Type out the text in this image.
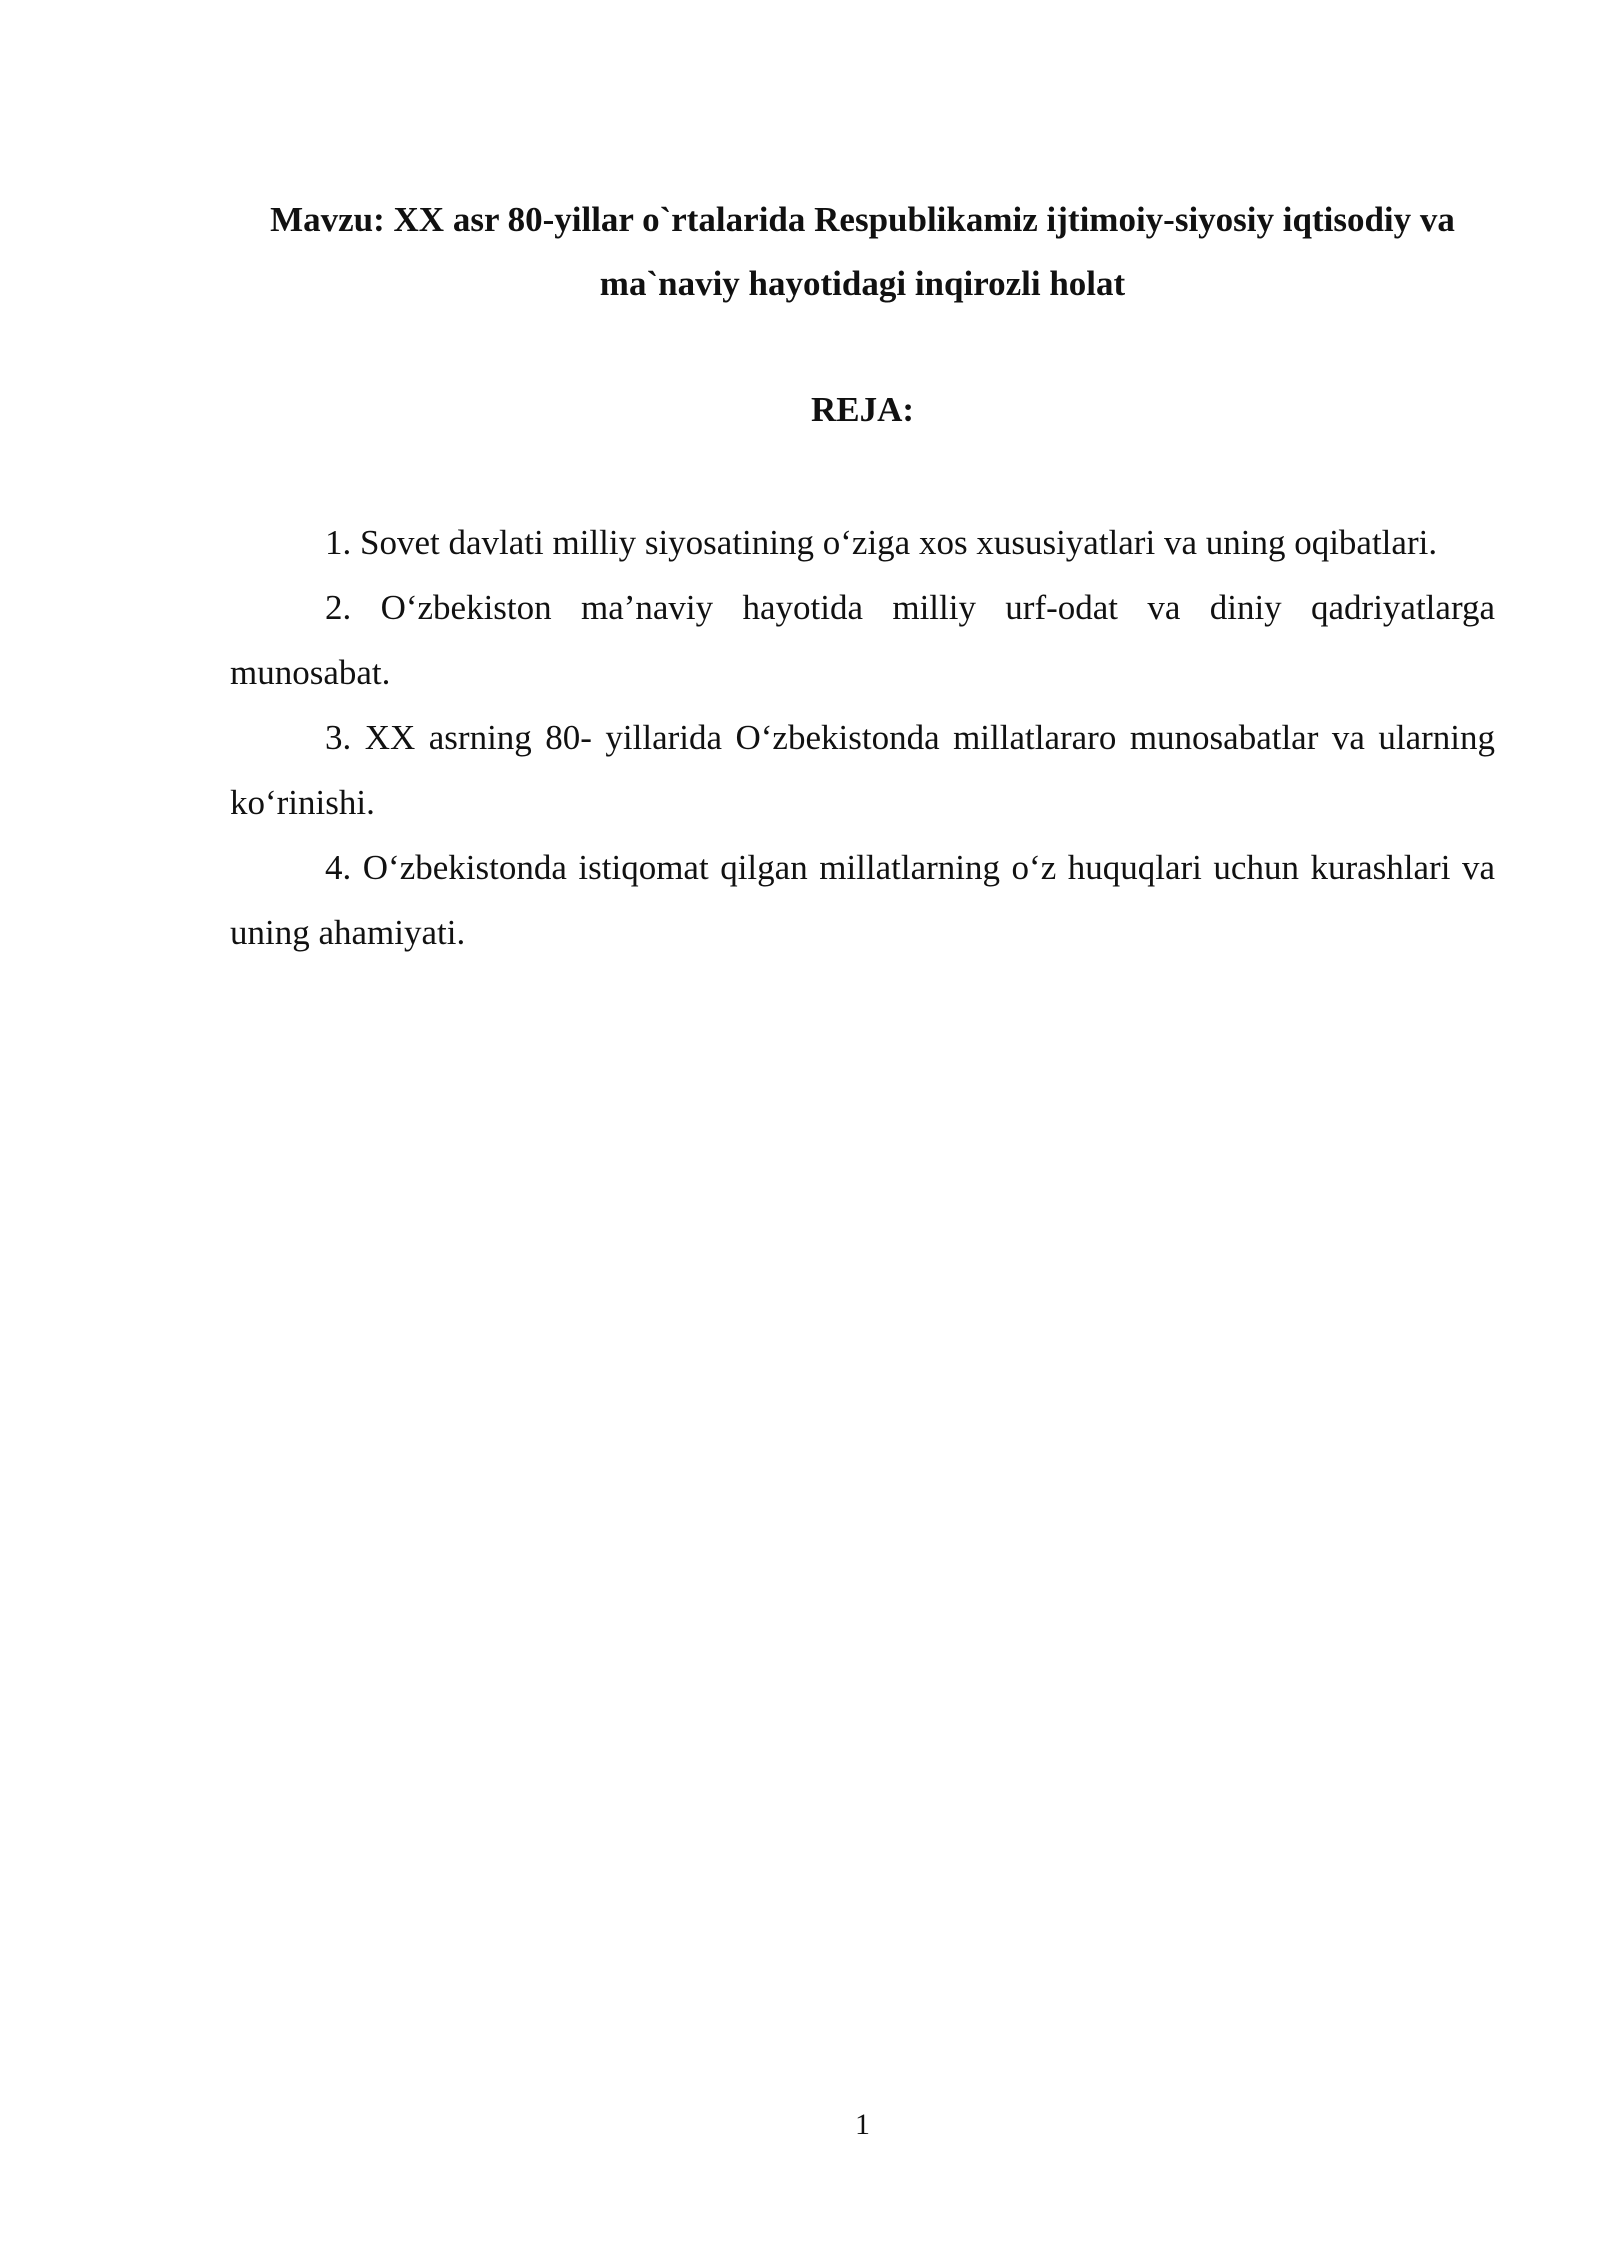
Mavzu: XX asr 80-yillar o`rtalarida Respublikamiz ijtimoiy-siyosiy iqtisodiy va ma`naviy hayotidagi inqirozli holat
REJA:

1. Sovet davlati milliy siyosatining o‘ziga xos xususiyatlari va uning oqibatlari.

2. O‘zbekiston ma’naviy hayotida milliy urf-odat va diniy qadriyatlarga munosabat.

3. XX asrning 80- yillarida O‘zbekistonda millatlararo munosabatlar va ularning ko‘rinishi.

4. O‘zbekistonda istiqomat qilgan millatlarning o‘z huquqlari uchun kurashlari va uning ahamiyati.

1
